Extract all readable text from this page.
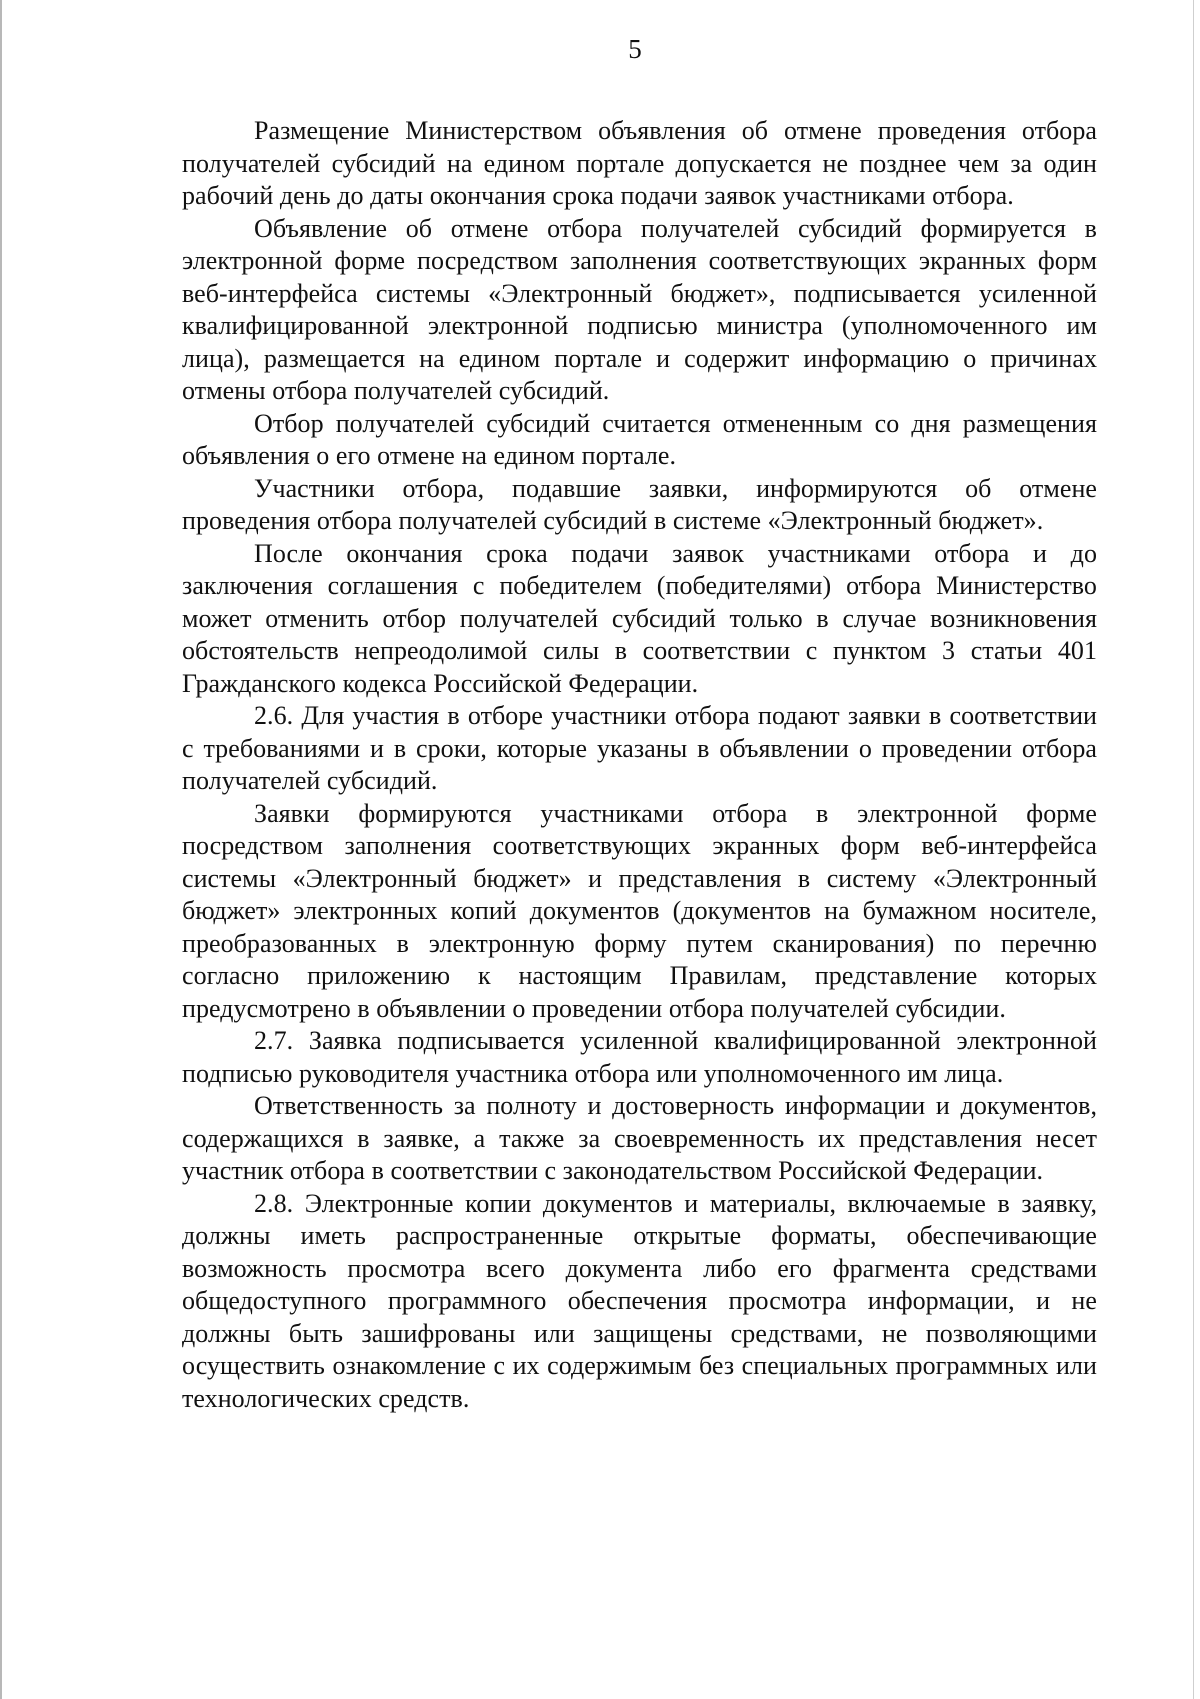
5

Размещение Министерством объявления об отмене проведения отбора получателей субсидий на едином портале допускается не позднее чем за один рабочий день до даты окончания срока подачи заявок участниками отбора.

Объявление об отмене отбора получателей субсидий формируется в электронной форме посредством заполнения соответствующих экранных форм веб-интерфейса системы «Электронный бюджет», подписывается усиленной квалифицированной электронной подписью министра (уполномоченного им лица), размещается на едином портале и содержит информацию о причинах отмены отбора получателей субсидий.

Отбор получателей субсидий считается отмененным со дня размещения объявления о его отмене на едином портале.

Участники отбора, подавшие заявки, информируются об отмене проведения отбора получателей субсидий в системе «Электронный бюджет».

После окончания срока подачи заявок участниками отбора и до заключения соглашения с победителем (победителями) отбора Министерство может отменить отбор получателей субсидий только в случае возникновения обстоятельств непреодолимой силы в соответствии с пунктом 3 статьи 401 Гражданского кодекса Российской Федерации.

2.6. Для участия в отборе участники отбора подают заявки в соответствии с требованиями и в сроки, которые указаны в объявлении о проведении отбора получателей субсидий.

Заявки формируются участниками отбора в электронной форме посредством заполнения соответствующих экранных форм веб-интерфейса системы «Электронный бюджет» и представления в систему «Электронный бюджет» электронных копий документов (документов на бумажном носителе, преобразованных в электронную форму путем сканирования) по перечню согласно приложению к настоящим Правилам, представление которых предусмотрено в объявлении о проведении отбора получателей субсидии.

2.7. Заявка подписывается усиленной квалифицированной электронной подписью руководителя участника отбора или уполномоченного им лица.

Ответственность за полноту и достоверность информации и документов, содержащихся в заявке, а также за своевременность их представления несет участник отбора в соответствии с законодательством Российской Федерации.

2.8. Электронные копии документов и материалы, включаемые в заявку, должны иметь распространенные открытые форматы, обеспечивающие возможность просмотра всего документа либо его фрагмента средствами общедоступного программного обеспечения просмотра информации, и не должны быть зашифрованы или защищены средствами, не позволяющими осуществить ознакомление с их содержимым без специальных программных или технологических средств.
